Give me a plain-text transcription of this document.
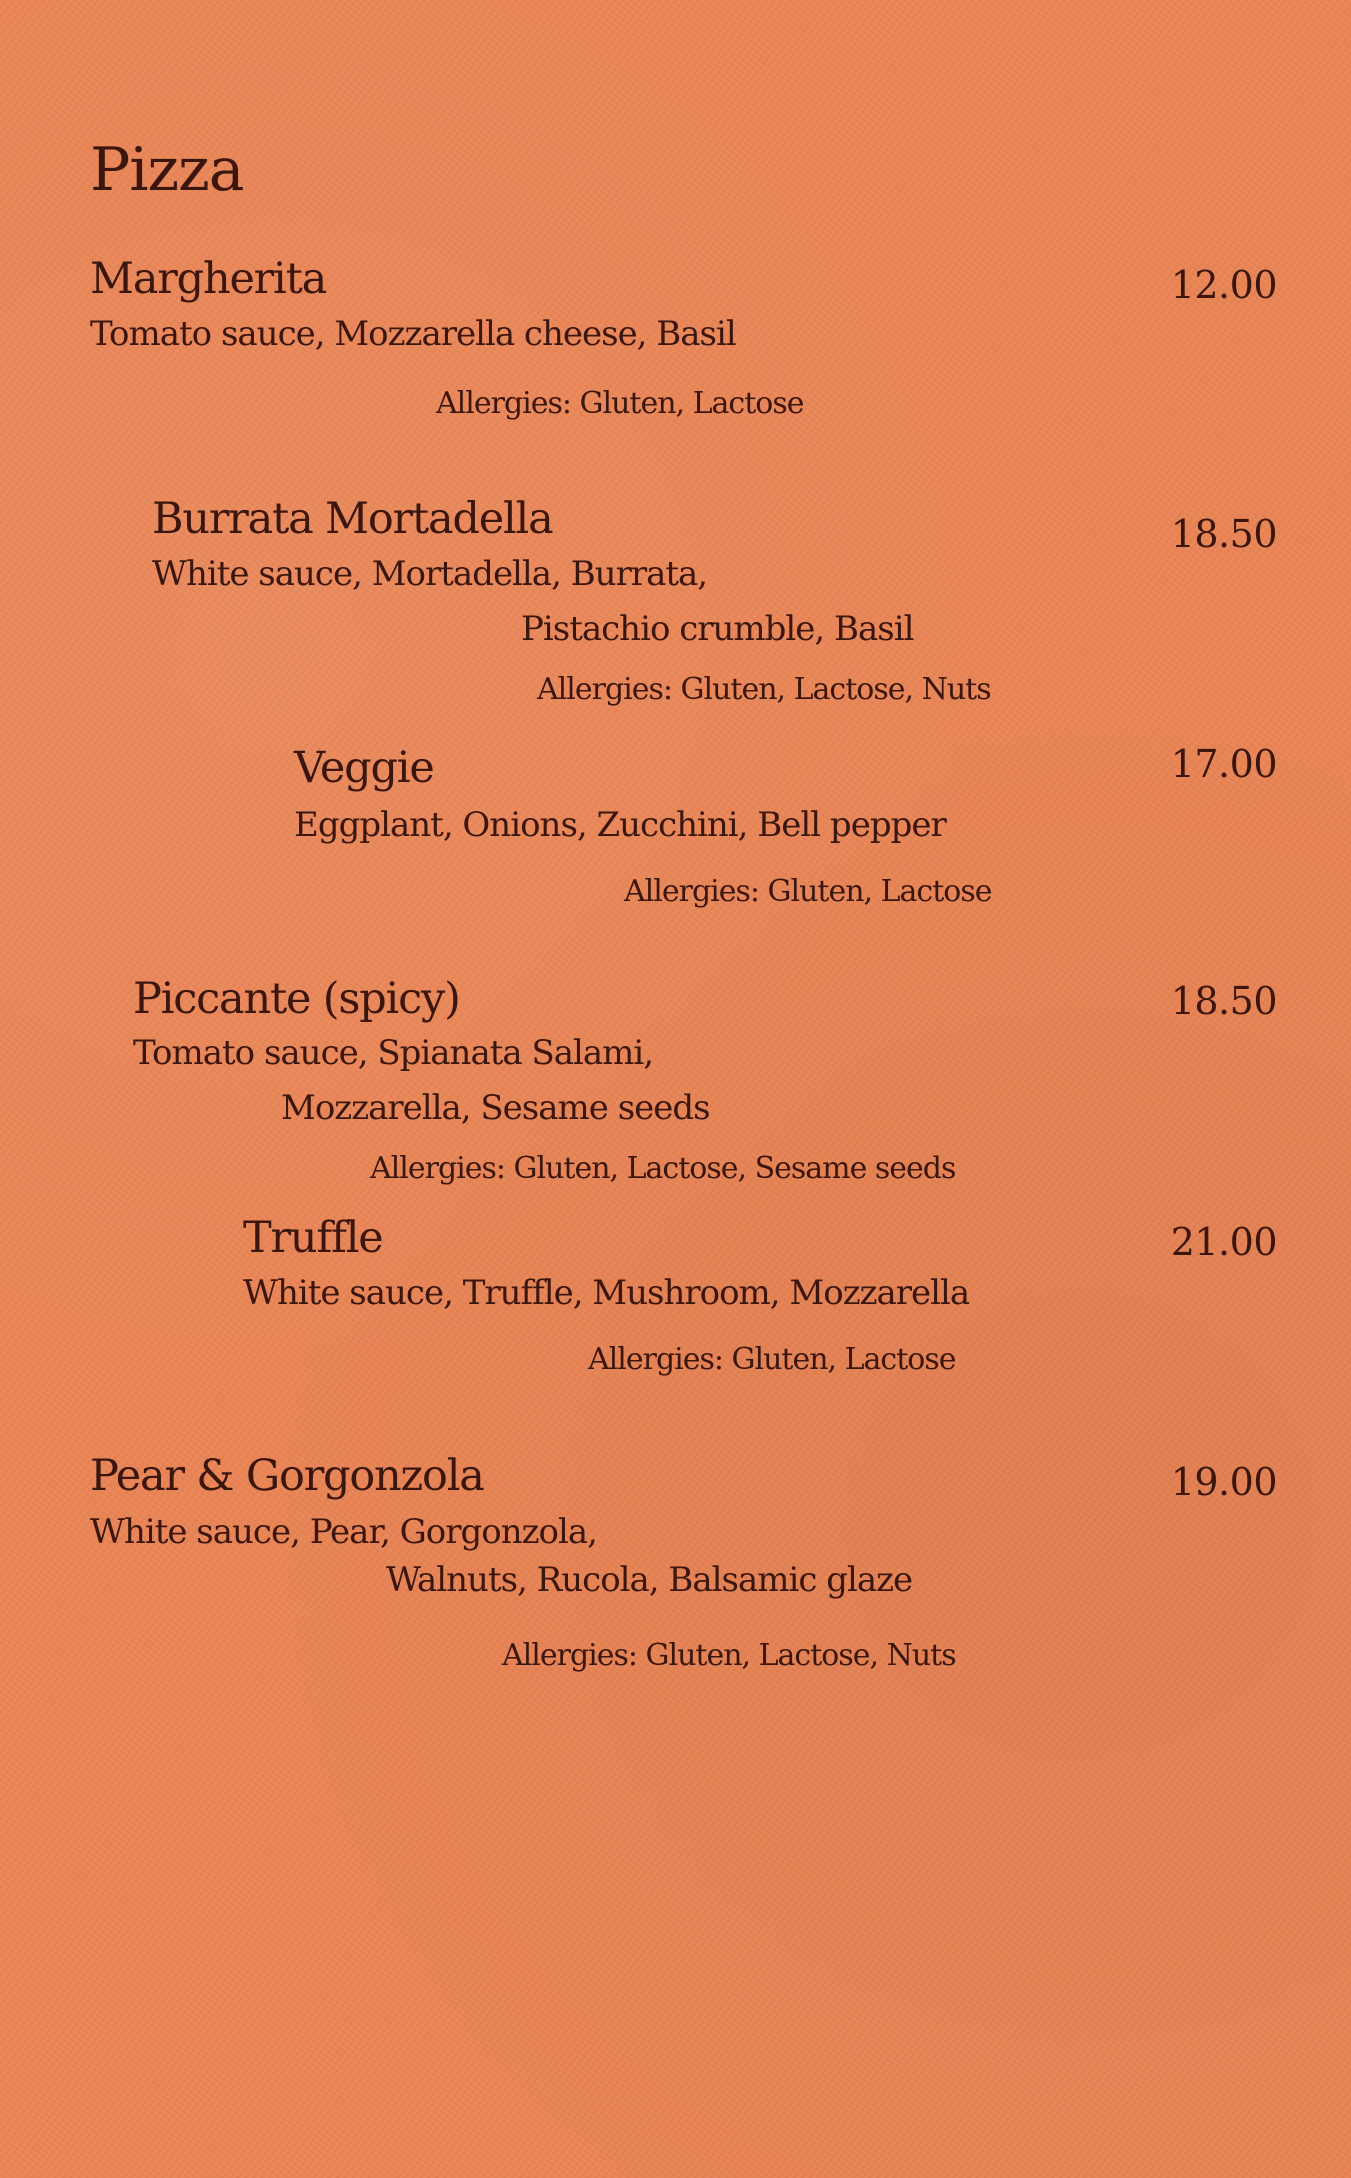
Pizza
Margherita	12.00
Tomato sauce, Mozzarella cheese, Basil
Allergies: Gluten, Lactose
Burrata Mortadella	18.50
White sauce, Mortadella, Burrata,
Pistachio crumble, Basil
Allergies: Gluten, Lactose, Nuts
Veggie	17.00
Eggplant, Onions, Zucchini, Bell pepper
Allergies: Gluten, Lactose
Piccante (spicy)	18.50
Tomato sauce, Spianata Salami,
Mozzarella, Sesame seeds
Allergies: Gluten, Lactose, Sesame seeds
Truffle	21.00
White sauce, Truffle, Mushroom, Mozzarella
Allergies: Gluten, Lactose
Pear & Gorgonzola	19.00
White sauce, Pear, Gorgonzola,
Walnuts, Rucola, Balsamic glaze
Allergies: Gluten, Lactose, Nuts
